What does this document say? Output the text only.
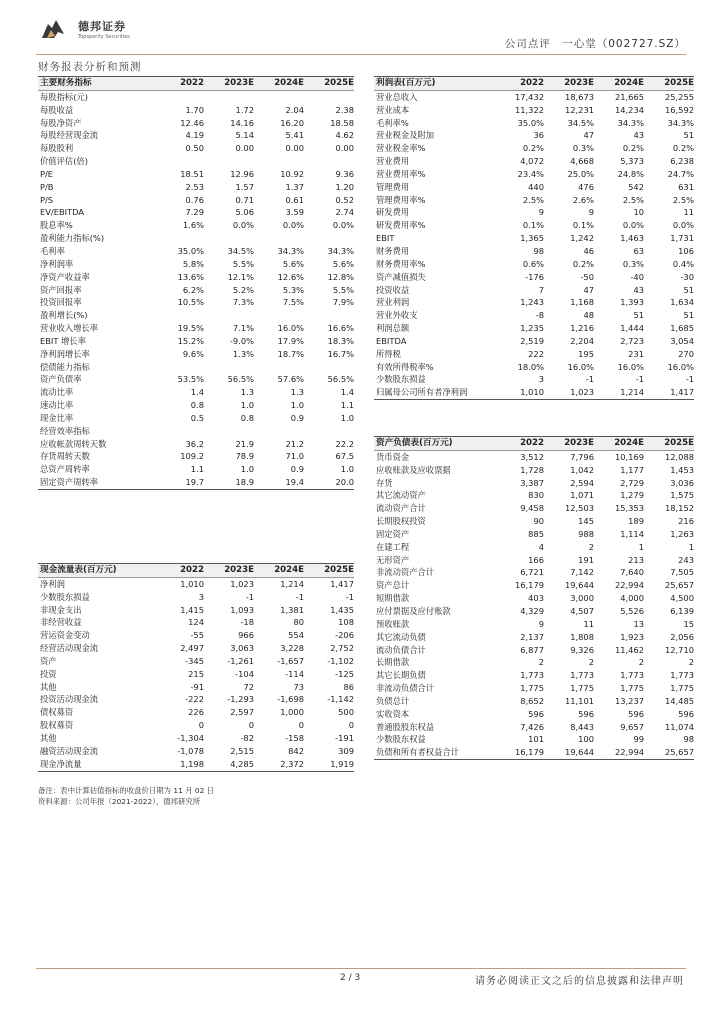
德邦证券
Topsperity Securities
公司点评　一心堂（002727.SZ）
财务报表分析和预测
主要财务指标	2022	2023E	2024E	2025E
每股指标(元)				
每股收益	1.70	1.72	2.04	2.38
每股净资产	12.46	14.16	16.20	18.58
每股经营现金流	4.19	5.14	5.41	4.62
每股股利	0.50	0.00	0.00	0.00
价值评估(倍)				
P/E	18.51	12.96	10.92	9.36
P/B	2.53	1.57	1.37	1.20
P/S	0.76	0.71	0.61	0.52
EV/EBITDA	7.29	5.06	3.59	2.74
股息率%	1.6%	0.0%	0.0%	0.0%
盈利能力指标(%)				
毛利率	35.0%	34.5%	34.3%	34.3%
净利润率	5.8%	5.5%	5.6%	5.6%
净资产收益率	13.6%	12.1%	12.6%	12.8%
资产回报率	6.2%	5.2%	5.3%	5.5%
投资回报率	10.5%	7.3%	7.5%	7.9%
盈利增长(%)				
营业收入增长率	19.5%	7.1%	16.0%	16.6%
EBIT 增长率	15.2%	-9.0%	17.9%	18.3%
净利润增长率	9.6%	1.3%	18.7%	16.7%
偿债能力指标				
资产负债率	53.5%	56.5%	57.6%	56.5%
流动比率	1.4	1.3	1.3	1.4
速动比率	0.8	1.0	1.0	1.1
现金比率	0.5	0.8	0.9	1.0
经营效率指标				
应收帐款周转天数	36.2	21.9	21.2	22.2
存货周转天数	109.2	78.9	71.0	67.5
总资产周转率	1.1	1.0	0.9	1.0
固定资产周转率	19.7	18.9	19.4	20.0
利润表(百万元)	2022	2023E	2024E	2025E
营业总收入	17,432	18,673	21,665	25,255
营业成本	11,322	12,231	14,234	16,592
毛利率%	35.0%	34.5%	34.3%	34.3%
营业税金及附加	36	47	43	51
营业税金率%	0.2%	0.3%	0.2%	0.2%
营业费用	4,072	4,668	5,373	6,238
营业费用率%	23.4%	25.0%	24.8%	24.7%
管理费用	440	476	542	631
管理费用率%	2.5%	2.6%	2.5%	2.5%
研发费用	9	9	10	11
研发费用率%	0.1%	0.1%	0.0%	0.0%
EBIT	1,365	1,242	1,463	1,731
财务费用	98	46	63	106
财务费用率%	0.6%	0.2%	0.3%	0.4%
资产减值损失	-176	-50	-40	-30
投资收益	7	47	43	51
营业利润	1,243	1,168	1,393	1,634
营业外收支	-8	48	51	51
利润总额	1,235	1,216	1,444	1,685
EBITDA	2,519	2,204	2,723	3,054
所得税	222	195	231	270
有效所得税率%	18.0%	16.0%	16.0%	16.0%
少数股东损益	3	-1	-1	-1
归属母公司所有者净利润	1,010	1,023	1,214	1,417
资产负债表(百万元)	2022	2023E	2024E	2025E
货币资金	3,512	7,796	10,169	12,088
应收账款及应收票据	1,728	1,042	1,177	1,453
存货	3,387	2,594	2,729	3,036
其它流动资产	830	1,071	1,279	1,575
流动资产合计	9,458	12,503	15,353	18,152
长期股权投资	90	145	189	216
固定资产	885	988	1,114	1,263
在建工程	4	2	1	1
无形资产	166	191	213	243
非流动资产合计	6,721	7,142	7,640	7,505
资产总计	16,179	19,644	22,994	25,657
短期借款	403	3,000	4,000	4,500
应付票据及应付账款	4,329	4,507	5,526	6,139
预收账款	9	11	13	15
其它流动负债	2,137	1,808	1,923	2,056
流动负债合计	6,877	9,326	11,462	12,710
长期借款	2	2	2	2
其它长期负债	1,773	1,773	1,773	1,773
非流动负债合计	1,775	1,775	1,775	1,775
负债总计	8,652	11,101	13,237	14,485
实收资本	596	596	596	596
普通股股东权益	7,426	8,443	9,657	11,074
少数股东权益	101	100	99	98
负债和所有者权益合计	16,179	19,644	22,994	25,657
现金流量表(百万元)	2022	2023E	2024E	2025E
净利润	1,010	1,023	1,214	1,417
少数股东损益	3	-1	-1	-1
非现金支出	1,415	1,093	1,381	1,435
非经营收益	124	-18	80	108
营运资金变动	-55	966	554	-206
经营活动现金流	2,497	3,063	3,228	2,752
资产	-345	-1,261	-1,657	-1,102
投资	215	-104	-114	-125
其他	-91	72	73	86
投资活动现金流	-222	-1,293	-1,698	-1,142
债权募资	226	2,597	1,000	500
股权募资	0	0	0	0
其他	-1,304	-82	-158	-191
融资活动现金流	-1,078	2,515	842	309
现金净流量	1,198	4,285	2,372	1,919
备注：表中计算估值指标的收盘价日期为 11 月 02 日
资料来源：公司年报（2021-2022），德邦研究所
2 / 3	请务必阅读正文之后的信息披露和法律声明
